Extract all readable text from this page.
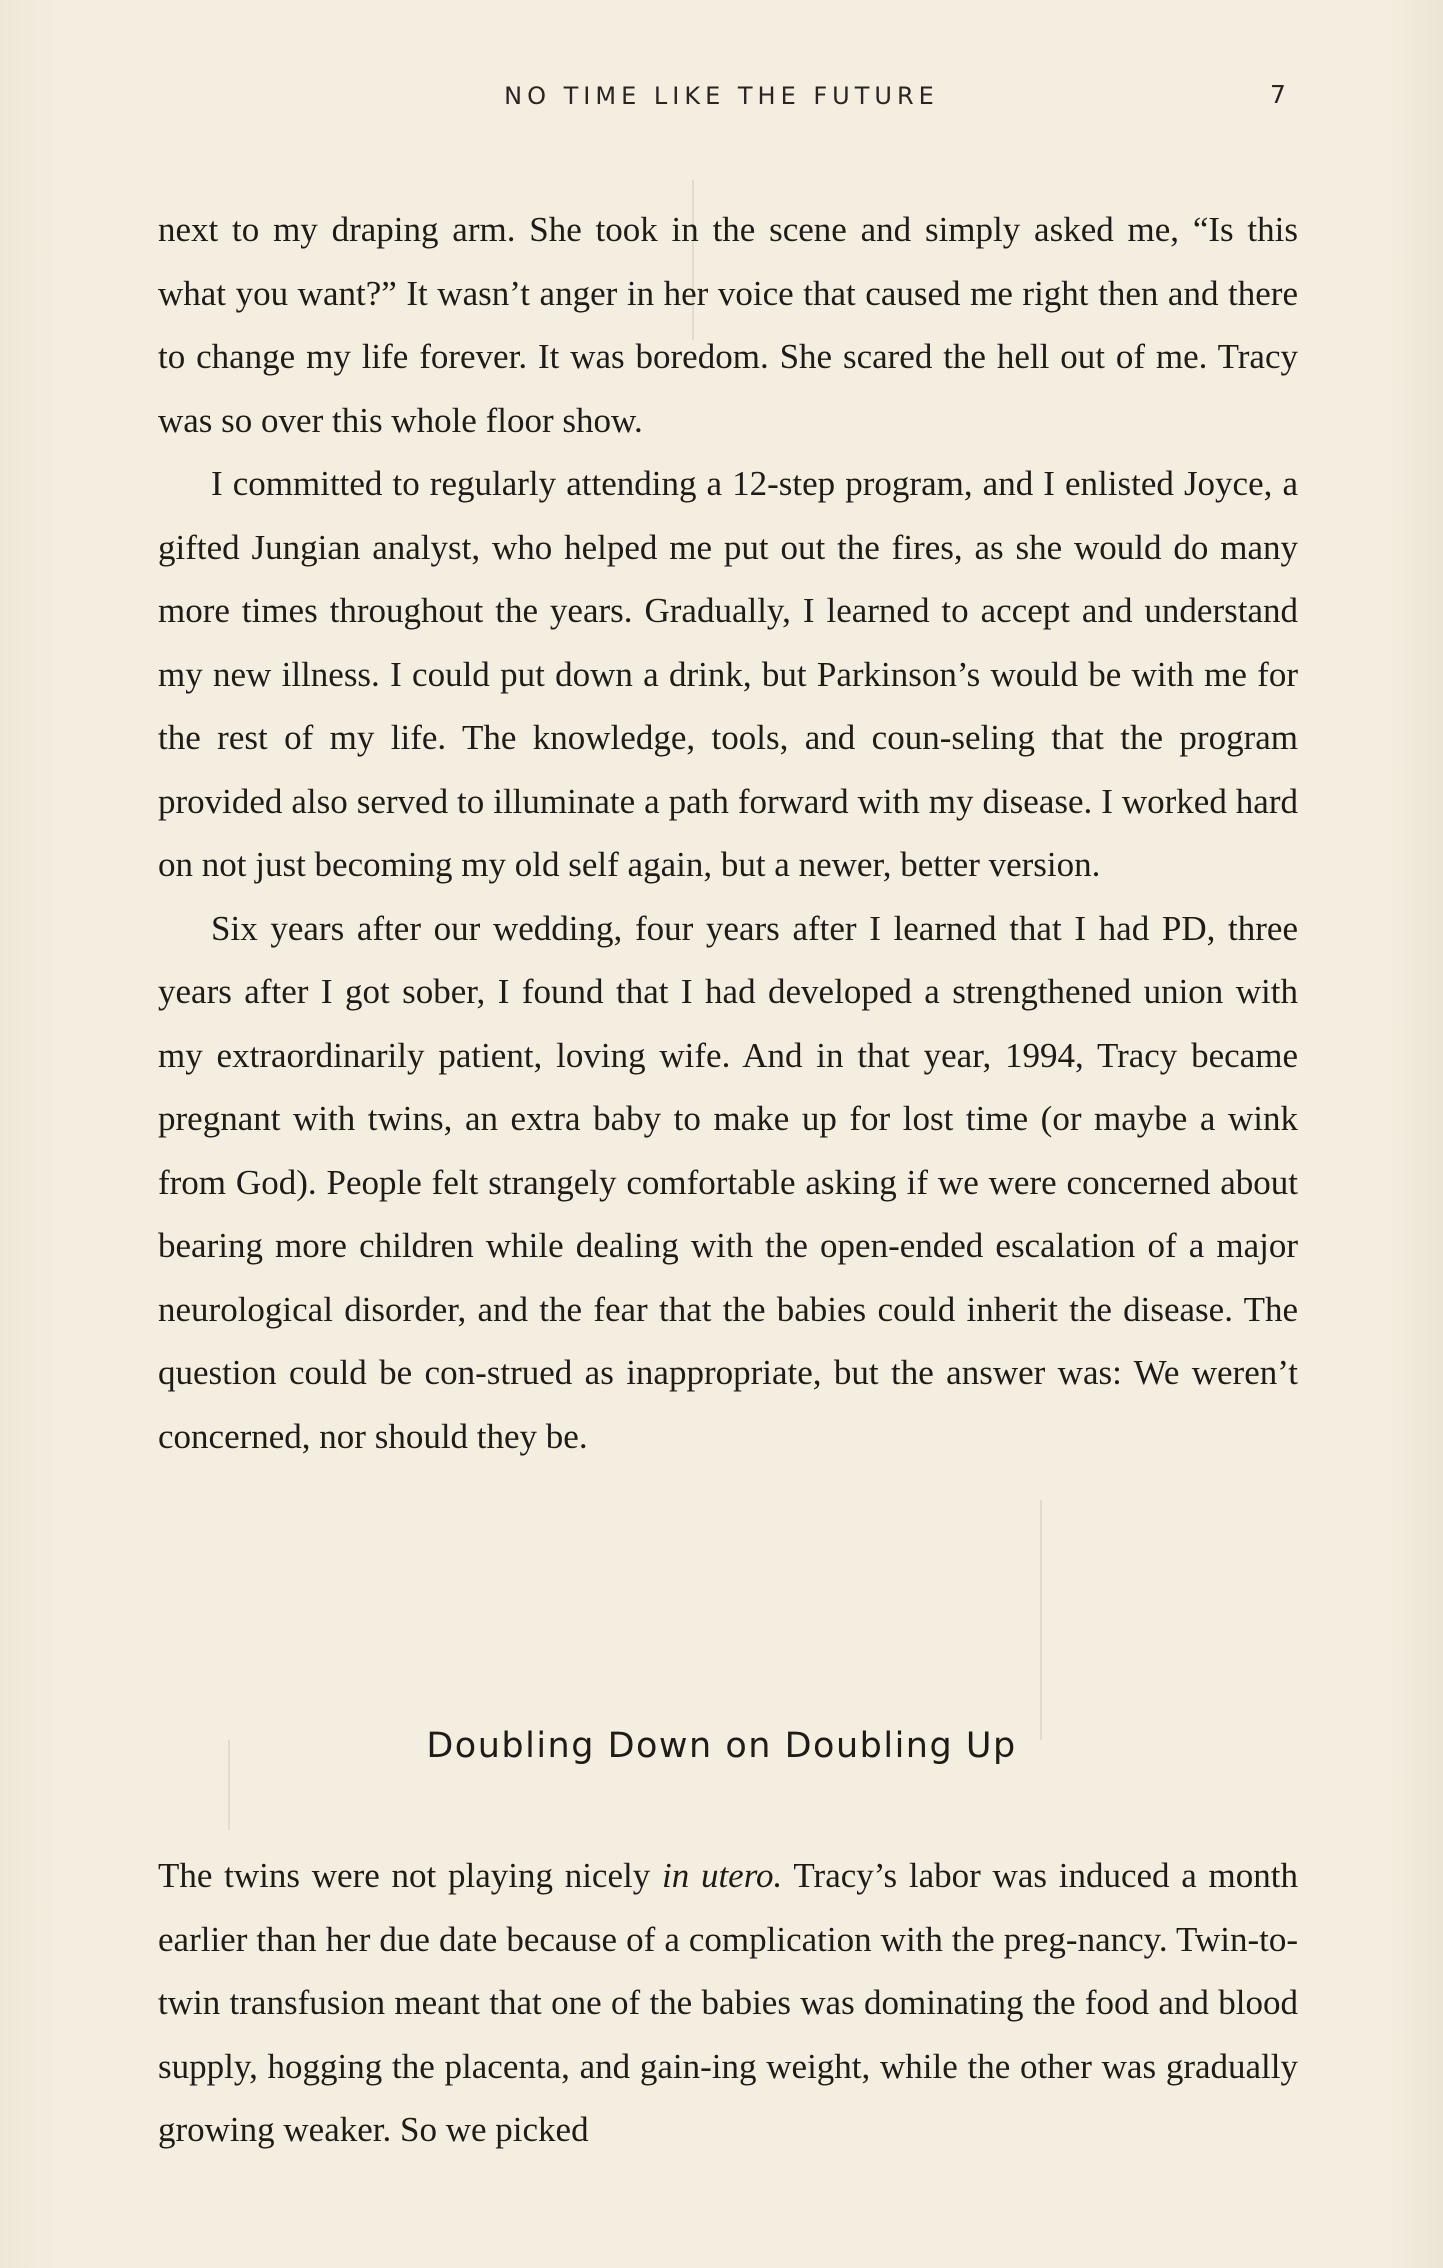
NO TIME LIKE THE FUTURE	7

next to my draping arm. She took in the scene and simply asked me, “Is this what you want?” It wasn’t anger in her voice that caused me right then and there to change my life forever. It was boredom. She scared the hell out of me. Tracy was so over this whole floor show.

I committed to regularly attending a 12-step program, and I enlisted Joyce, a gifted Jungian analyst, who helped me put out the fires, as she would do many more times throughout the years. Gradually, I learned to accept and understand my new illness. I could put down a drink, but Parkinson’s would be with me for the rest of my life. The knowledge, tools, and coun-seling that the program provided also served to illuminate a path forward with my disease. I worked hard on not just becoming my old self again, but a newer, better version.

Six years after our wedding, four years after I learned that I had PD, three years after I got sober, I found that I had developed a strengthened union with my extraordinarily patient, loving wife. And in that year, 1994, Tracy became pregnant with twins, an extra baby to make up for lost time (or maybe a wink from God). People felt strangely comfortable asking if we were concerned about bearing more children while dealing with the open-ended escalation of a major neurological disorder, and the fear that the babies could inherit the disease. The question could be con-strued as inappropriate, but the answer was: We weren’t concerned, nor should they be.

Doubling Down on Doubling Up

The twins were not playing nicely in utero. Tracy’s labor was induced a month earlier than her due date because of a complication with the preg-nancy. Twin-to-twin transfusion meant that one of the babies was dominating the food and blood supply, hogging the placenta, and gain-ing weight, while the other was gradually growing weaker. So we picked
